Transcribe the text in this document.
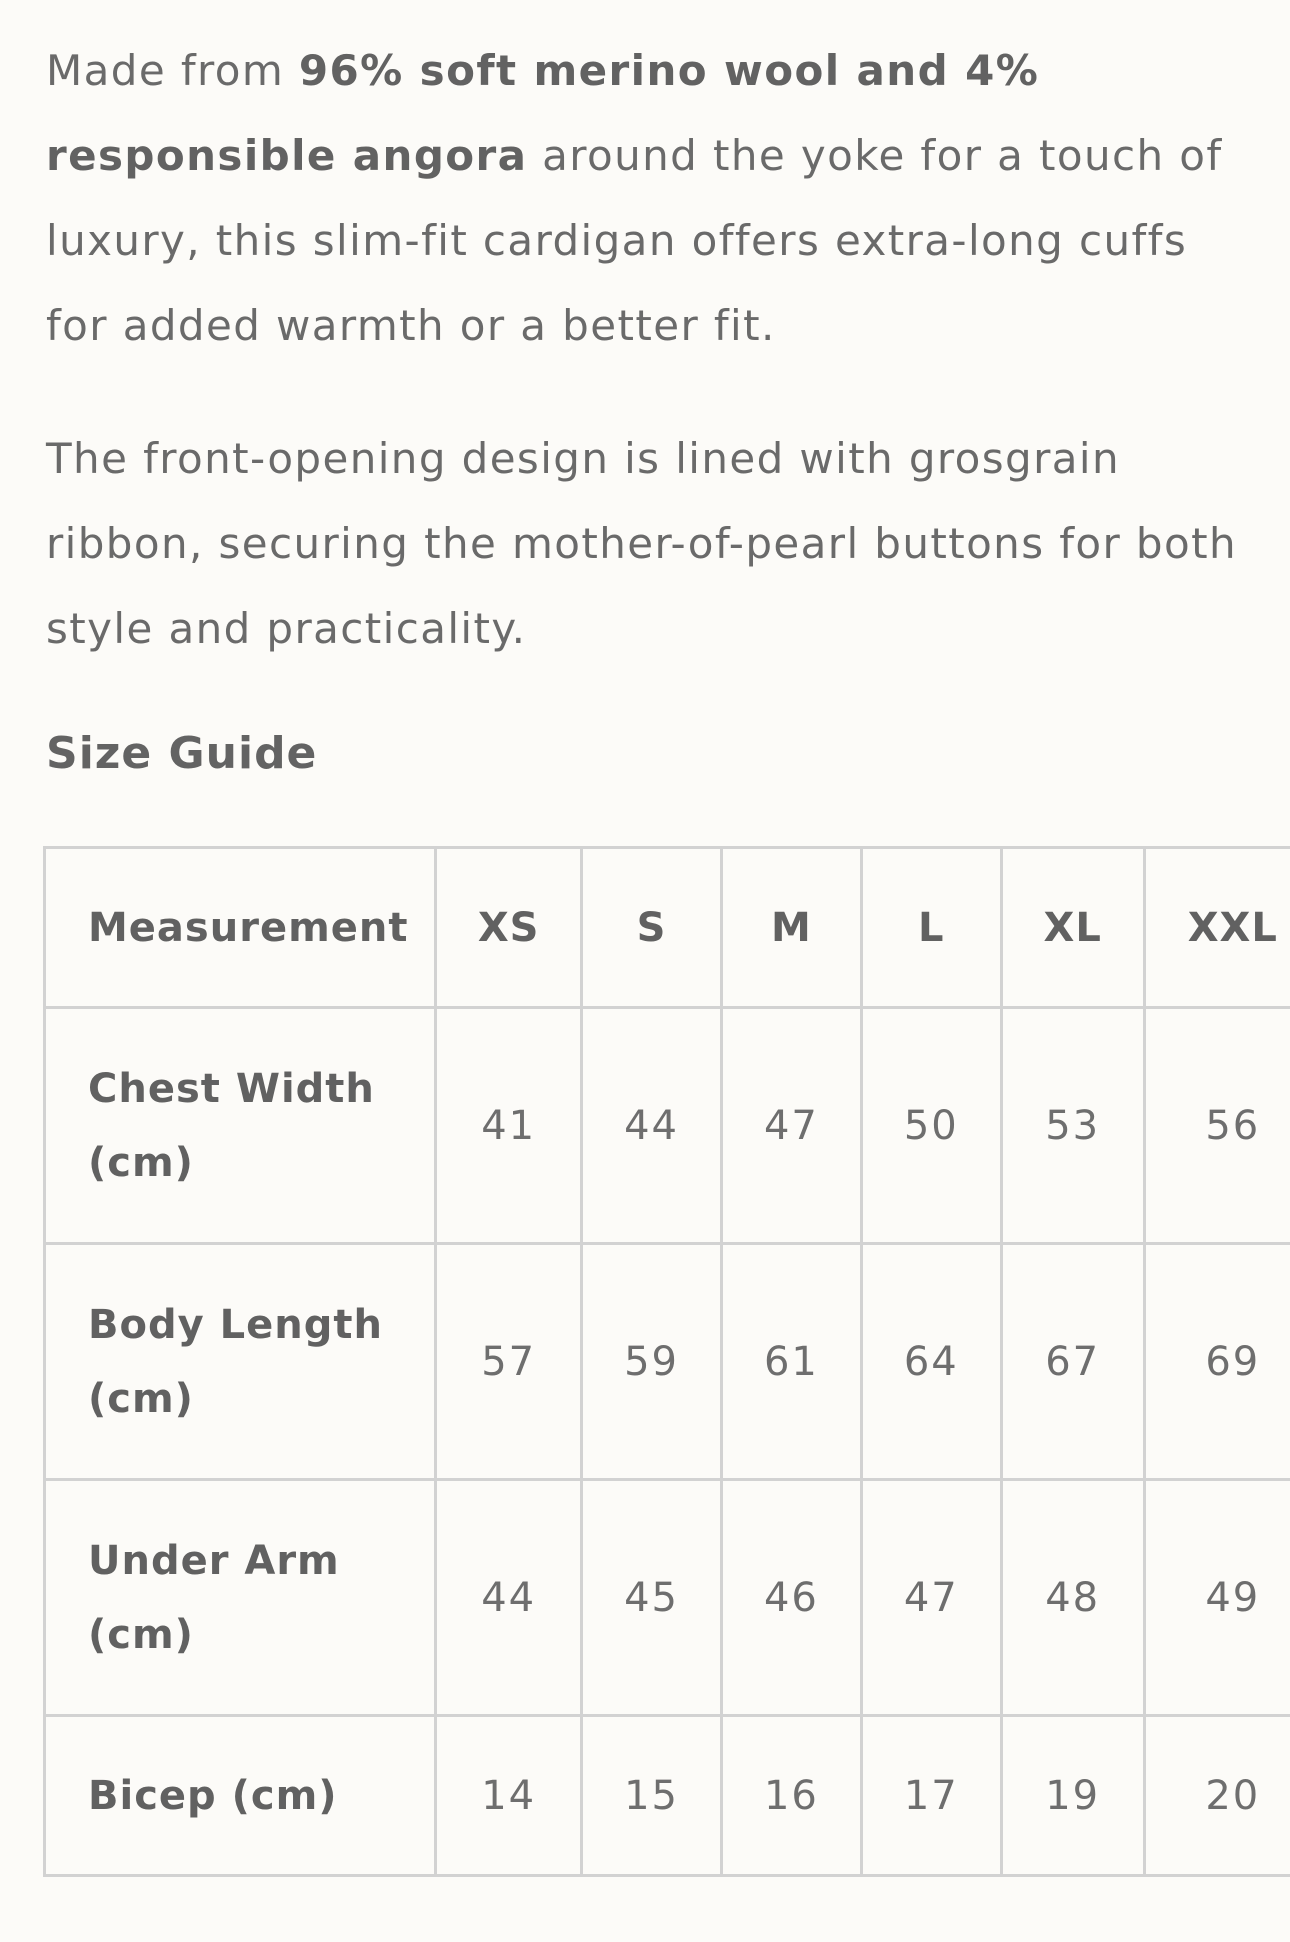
Made from 96% soft merino wool and 4% responsible angora around the yoke for a touch of luxury, this slim-fit cardigan offers extra-long cuffs for added warmth or a better fit.

The front-opening design is lined with grosgrain ribbon, securing the mother-of-pearl buttons for both style and practicality.

Size Guide
Measurement	XS	S	M	L	XL	XXL
Chest Width (cm)	41	44	47	50	53	56
Body Length (cm)	57	59	61	64	67	69
Under Arm (cm)	44	45	46	47	48	49
Bicep (cm)	14	15	16	17	19	20
